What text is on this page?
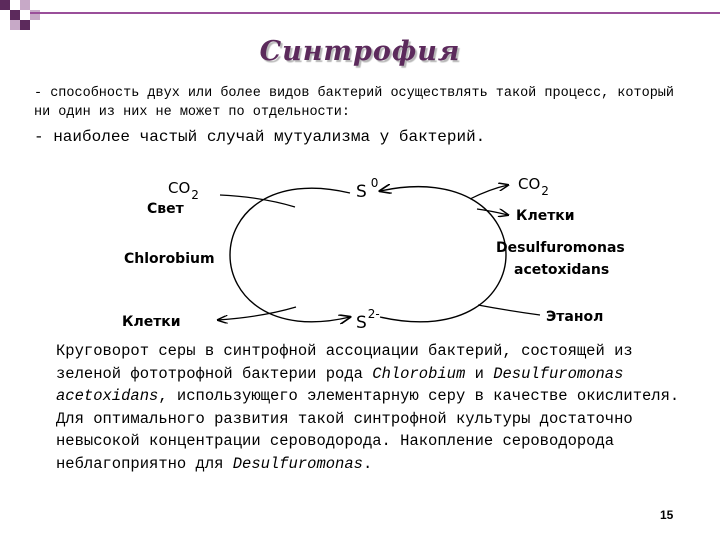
Синтрофия
- способность двух или более видов бактерий осуществлять такой процесс, который ни один из них не может по отдельности:
- наиболее частый случай мутуализма у бактерий.
$CO_2$
Свет
Chlorobium
Клетки
S $^0$
$S^{2-}$
$CO_2$
Клетки
Desulfuromonas
acetoxidans
Этанол
Круговорот серы в синтрофной ассоциации бактерий, состоящей из зеленой фототрофной бактерии рода Chlorobium и Desulfuromonas acetoxidans, использующего элементарную серу в качестве окислителя. Для оптимального развития такой синтрофной культуры достаточно невысокой концентрации сероводорода. Накопление сероводорода неблагоприятно для Desulfuromonas.
15
